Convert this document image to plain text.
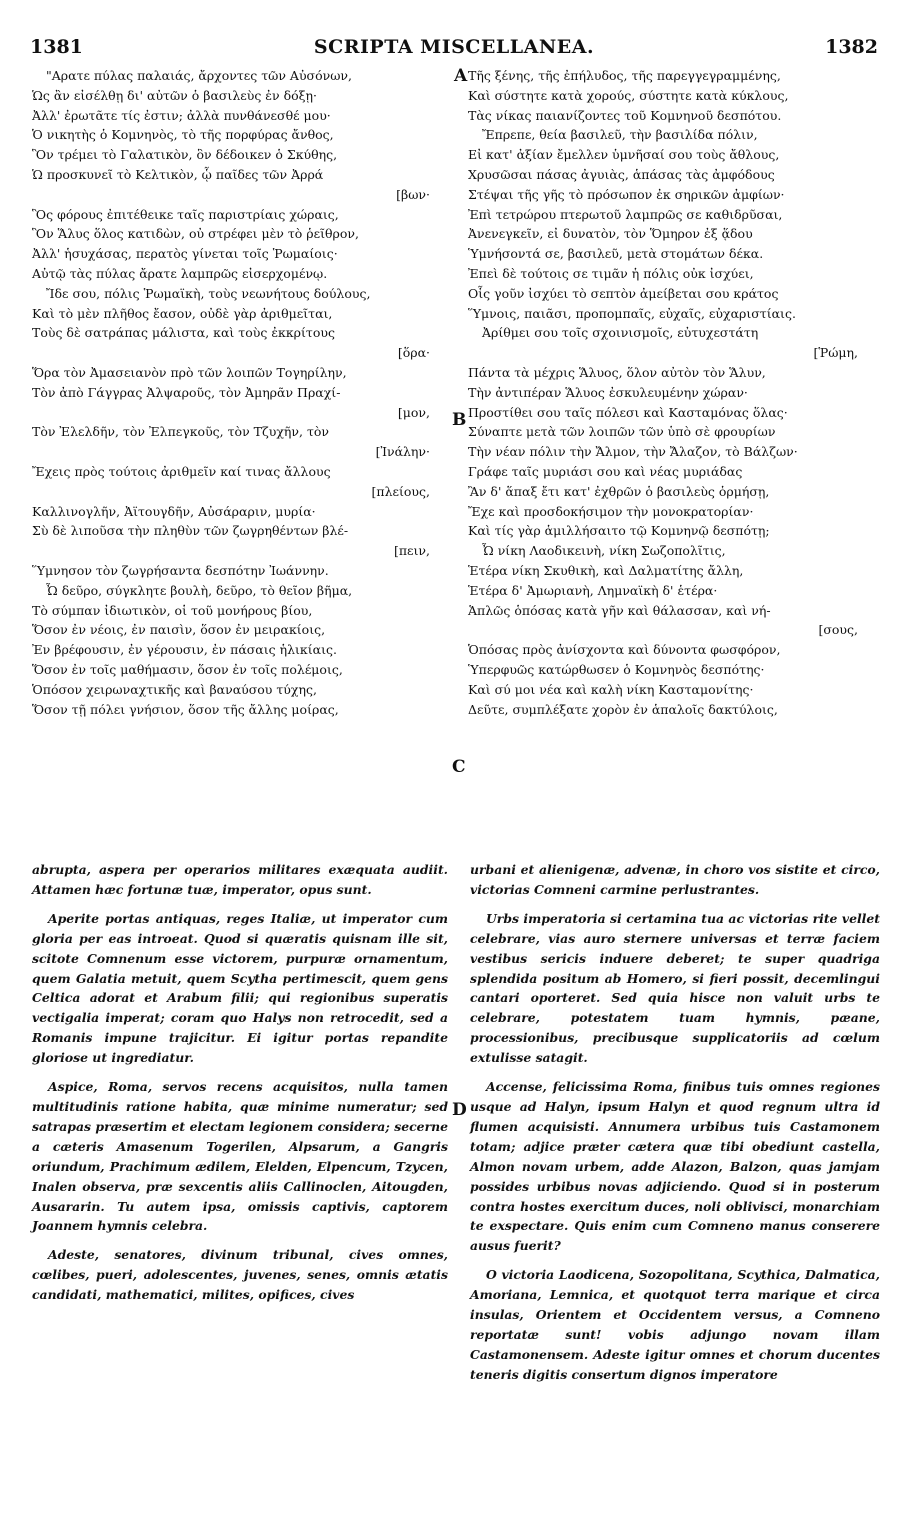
1381	SCRIPTA MISCELLANEA.	1382
A
B
C
D
"Αρατε πύλας παλαιάς, ἄρχοντες τῶν Αὐσόνων,
Ὡς ἂν εἰσέλθῃ δι' αὐτῶν ὁ βασιλεὺς ἐν δόξῃ·
Ἀλλ' ἐρωτᾶτε τίς ἐστιν; ἀλλὰ πυνθάνεσθέ μου·
Ὁ νικητὴς ὁ Κομνηνὸς, τὸ τῆς πορφύρας ἄνθος,
Ὃν τρέμει τὸ Γαλατικὸν, ὃν δέδοικεν ὁ Σκύθης,
Ὡ προσκυνεῖ τὸ Κελτικὸν, ᾧ παῖδες τῶν Ἀρρά
[βων·
Ὃς φόρους ἐπιτέθεικε ταῖς παριστρίαις χώραις,
Ὃν Ἅλυς ὅλος κατιδὼν, οὐ στρέφει μὲν τὸ ῥεῖθρον,
Ἀλλ' ἡσυχάσας, περατὸς γίνεται τοῖς Ῥωμαίοις·
Αὐτῷ τὰς πύλας ἄρατε λαμπρῶς εἰσερχομένῳ.
Ἴδε σου, πόλις Ῥωμαϊκὴ, τοὺς νεωνήτους δούλους,
Καὶ τὸ μὲν πλῆθος ἔασον, οὐδὲ γὰρ ἀριθμεῖται,
Τοὺς δὲ σατράπας μάλιστα, καὶ τοὺς ἐκκρίτους
[ὅρα·
Ὅρα τὸν Ἀμασειανὸν πρὸ τῶν λοιπῶν Τογηρίλην,
Τὸν ἀπὸ Γάγγρας Ἀλψαροῦς, τὸν Ἀμηρᾶν Πραχί-
[μον,
Τὸν Ἐλελδῆν, τὸν Ἐλπεγκοῦς, τὸν Τζυχῆν, τὸν
[Ἰνάλην·
Ἔχεις πρὸς τούτοις ἀριθμεῖν καί τινας ἄλλους
[πλείους,
Καλλινογλῆν, Ἀϊτουγδῆν, Αὐσάραριν, μυρία·
Σὺ δὲ λιποῦσα τὴν πληθὺν τῶν ζωγρηθέντων βλέ-
[πειν,
Ὕμνησον τὸν ζωγρήσαντα δεσπότην Ἰωάννην.
Ὦ δεῦρο, σύγκλητε βουλὴ, δεῦρο, τὸ θεῖον βῆμα,
Τὸ σύμπαν ἰδιωτικὸν, οἱ τοῦ μονήρους βίου,
Ὅσον ἐν νέοις, ἐν παισὶν, ὅσον ἐν μειρακίοις,
Ἐν βρέφουσιν, ἐν γέρουσιν, ἐν πάσαις ἡλικίαις.
Ὅσον ἐν τοῖς μαθήμασιν, ὅσον ἐν τοῖς πολέμοις,
Ὁπόσον χειρωναχτικῆς καὶ βαναύσου τύχης,
Ὅσον τῇ πόλει γνήσιον, ὅσον τῆς ἄλλης μοίρας,
Τῆς ξένης, τῆς ἐπήλυδος, τῆς παρεγγεγραμμένης,
Καὶ σύστητε κατὰ χορούς, σύστητε κατὰ κύκλους,
Τὰς νίκας παιανίζοντες τοῦ Κομνηνοῦ δεσπότου.
Ἔπρεπε, θεία βασιλεῦ, τὴν βασιλίδα πόλιν,
Εἰ κατ' ἀξίαν ἔμελλεν ὑμνῆσαί σου τοὺς ἄθλους,
Χρυσῶσαι πάσας ἀγυιὰς, ἁπάσας τὰς ἀμφόδους
Στέψαι τῆς γῆς τὸ πρόσωπον ἐκ σηρικῶν ἀμφίων·
Ἐπὶ τετρώρου πτερωτοῦ λαμπρῶς σε καθιδρῦσαι,
Ἀνενεγκεῖν, εἰ δυνατὸν, τὸν Ὅμηρον ἐξ ᾅδου
Ὑμνήσοντά σε, βασιλεῦ, μετὰ στομάτων δέκα.
Ἐπεὶ δὲ τούτοις σε τιμᾶν ἡ πόλις οὐκ ἰσχύει,
Οἷς γοῦν ἰσχύει τὸ σεπτὸν ἀμείβεται σου κράτος
Ὕμνοις, παιᾶσι, προπομπαῖς, εὐχαῖς, εὐχαριστίαις.
Ἀρίθμει σου τοῖς σχοινισμοῖς, εὐτυχεστάτη
[Ῥώμη,
Πάντα τὰ μέχρις Ἅλυος, ὅλον αὐτὸν τὸν Ἅλυν,
Τὴν ἀντιπέραν Ἅλυος ἐσκυλευμένην χώραν·
Προστίθει σου ταῖς πόλεσι καὶ Κασταμόνας ὅλας·
Σύναπτε μετὰ τῶν λοιπῶν τῶν ὑπὸ σὲ φρουρίων
Τὴν νέαν πόλιν τὴν Ἄλμον, τὴν Ἄλαζον, τὸ Βάλζων·
Γράφε ταῖς μυριάσι σου καὶ νέας μυριάδας
Ἂν δ' ἅπαξ ἔτι κατ' ἐχθρῶν ὁ βασιλεὺς ὁρμήσῃ,
Ἔχε καὶ προσδοκήσιμον τὴν μονοκρατορίαν·
Καὶ τίς γὰρ ἁμιλλήσαιτο τῷ Κομνηνῷ δεσπότῃ;
Ὦ νίκη Λαοδικεινὴ, νίκη Σωζοπολῖτις,
Ἑτέρα νίκη Σκυθικὴ, καὶ Δαλματίτης ἄλλη,
Ἑτέρα δ' Ἀμωριανὴ, Λημναϊκὴ δ' ἑτέρα·
Ἁπλῶς ὁπόσας κατὰ γῆν καὶ θάλασσαν, καὶ νή-
[σους,
Ὁπόσας πρὸς ἀνίσχοντα καὶ δύνοντα φωσφόρον,
Ὑπερφυῶς κατώρθωσεν ὁ Κομνηνὸς δεσπότης·
Καὶ σύ μοι νέα καὶ καλὴ νίκη Κασταμονίτης·
Δεῦτε, συμπλέξατε χορὸν ἐν ἁπαλοῖς δακτύλοις,

abrupta, aspera per operarios militares exæquata audiit. Attamen hæc fortunæ tuæ, imperator, opus sunt.

Aperite portas antiquas, reges Italiæ, ut imperator cum gloria per eas introeat. Quod si quæratis quisnam ille sit, scitote Comnenum esse victorem, purpuræ ornamentum, quem Galatia metuit, quem Scytha pertimescit, quem gens Celtica adorat et Arabum filii; qui regionibus superatis vectigalia imperat; coram quo Halys non retrocedit, sed a Romanis impune trajicitur. Ei igitur portas repandite gloriose ut ingrediatur.

Aspice, Roma, servos recens acquisitos, nulla tamen multitudinis ratione habita, quæ minime numeratur; sed satrapas præsertim et electam legionem considera; secerne a cæteris Amasenum Togerilen, Alpsarum, a Gangris oriundum, Prachimum ædilem, Elelden, Elpencum, Tzycen, Inalen observa, præ sexcentis aliis Callinoclen, Aitougden, Ausararin. Tu autem ipsa, omissis captivis, captorem Joannem hymnis celebra.

Adeste, senatores, divinum tribunal, cives omnes, cœlibes, pueri, adolescentes, juvenes, senes, omnis ætatis candidati, mathematici, milites, opifices, cives

urbani et alienigenæ, advenæ, in choro vos sistite et circo, victorias Comneni carmine perlustrantes.

Urbs imperatoria si certamina tua ac victorias rite vellet celebrare, vias auro sternere universas et terræ faciem vestibus sericis induere deberet; te super quadriga splendida positum ab Homero, si fieri possit, decemlingui cantari oporteret. Sed quia hisce non valuit urbs te celebrare, potestatem tuam hymnis, pæane, processionibus, precibusque supplicatoriis ad cœlum extulisse satagit.

Accense, felicissima Roma, finibus tuis omnes regiones usque ad Halyn, ipsum Halyn et quod regnum ultra id flumen acquisisti. Annumera urbibus tuis Castamonem totam; adjice præter cætera quæ tibi obediunt castella, Almon novam urbem, adde Alazon, Balzon, quas jamjam possides urbibus novas adjiciendo. Quod si in posterum contra hostes exercitum duces, noli oblivisci, monarchiam te exspectare. Quis enim cum Comneno manus conserere ausus fuerit?

O victoria Laodicena, Sozopolitana, Scythica, Dalmatica, Amoriana, Lemnica, et quotquot terra marique et circa insulas, Orientem et Occidentem versus, a Comneno reportatæ sunt! vobis adjungo novam illam Castamonensem. Adeste igitur omnes et chorum ducentes teneris digitis consertum dignos imperatore
